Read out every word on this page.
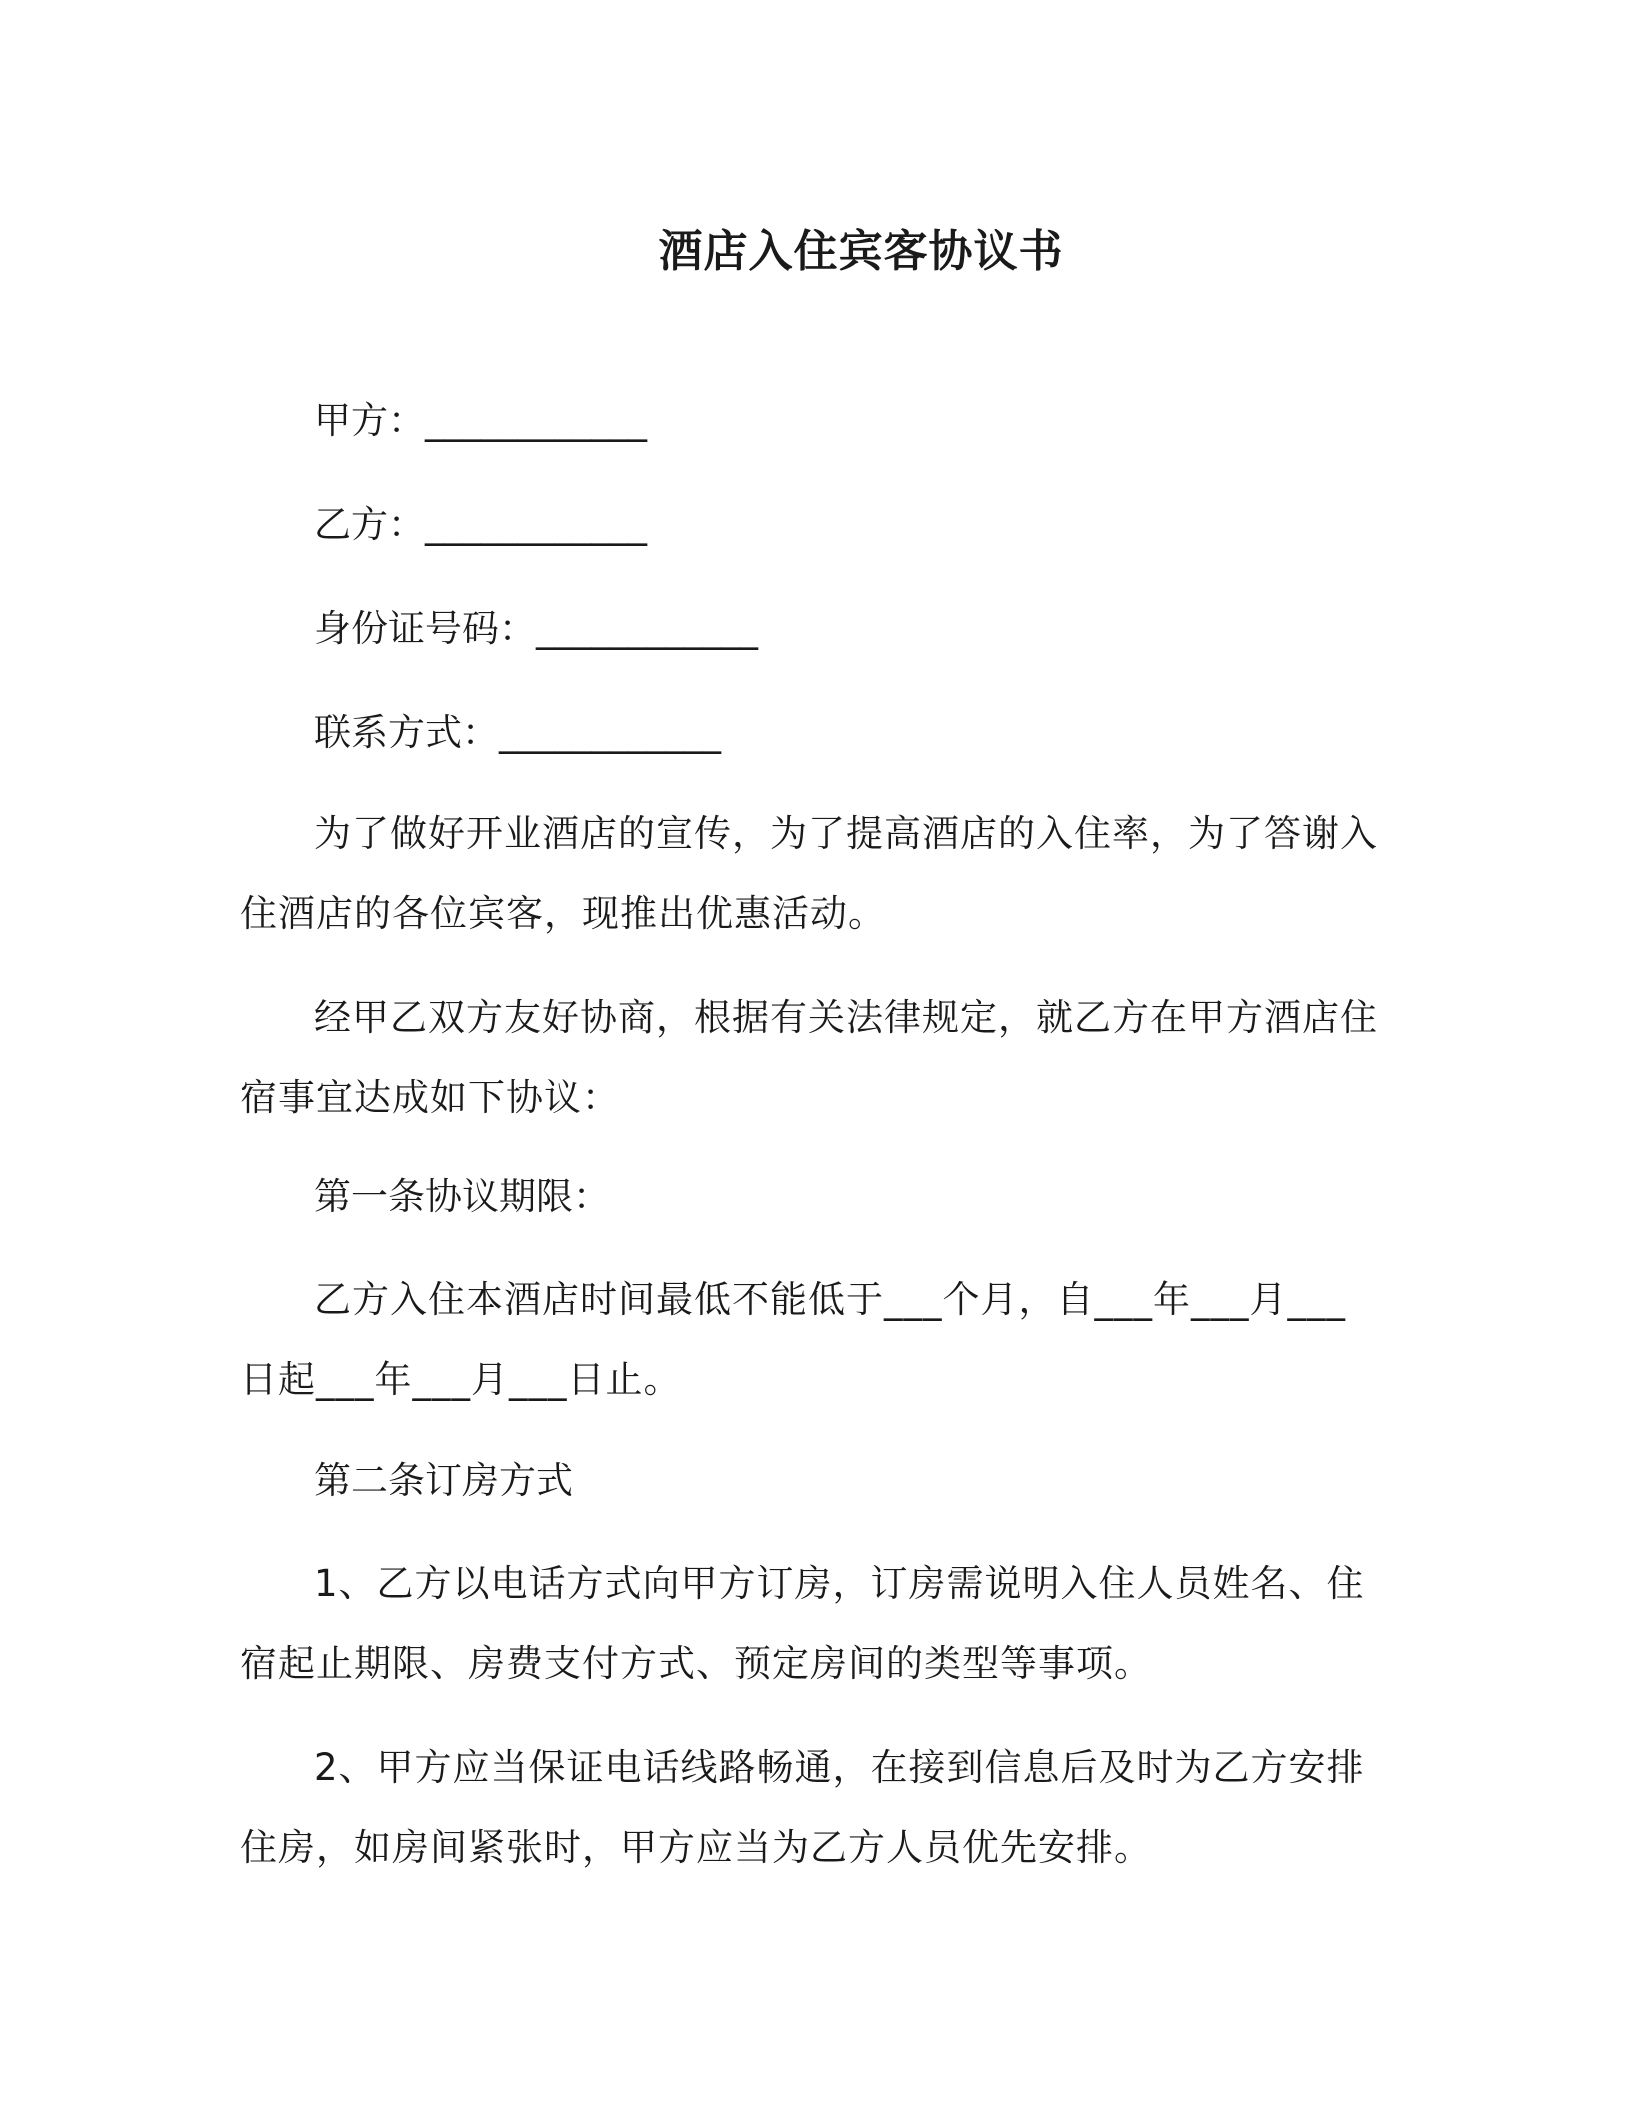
酒店入住宾客协议书
甲方：____________
乙方：____________
身份证号码：____________
联系方式：____________
为了做好开业酒店的宣传，为了提高酒店的入住率，为了答谢入住酒店的各位宾客，现推出优惠活动。
经甲乙双方友好协商，根据有关法律规定，就乙方在甲方酒店住宿事宜达成如下协议：
第一条协议期限：
乙方入住本酒店时间最低不能低于___个月，自___年___月___日起___年___月___日止。
第二条订房方式
1、乙方以电话方式向甲方订房，订房需说明入住人员姓名、住宿起止期限、房费支付方式、预定房间的类型等事项。
2、甲方应当保证电话线路畅通，在接到信息后及时为乙方安排住房，如房间紧张时，甲方应当为乙方人员优先安排。
